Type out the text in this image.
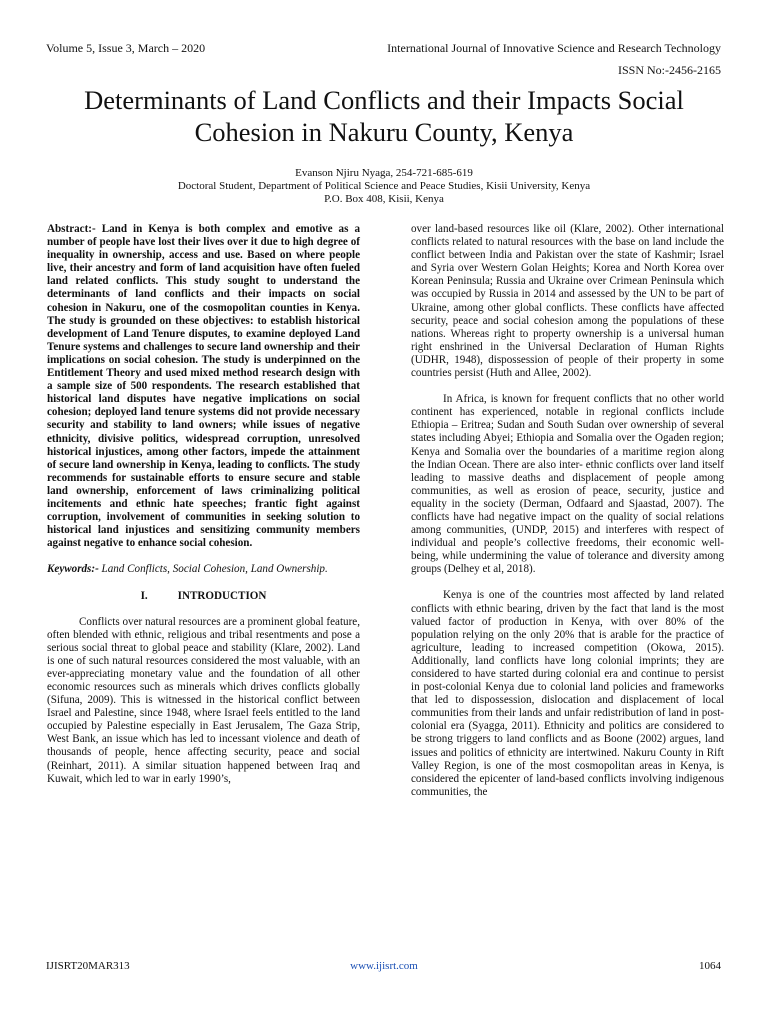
Volume 5, Issue 3, March – 2020	International Journal of Innovative Science and Research Technology
ISSN No:-2456-2165
Determinants of Land Conflicts and their Impacts Social Cohesion in Nakuru County, Kenya
Evanson Njiru Nyaga, 254-721-685-619
Doctoral Student, Department of Political Science and Peace Studies, Kisii University, Kenya
P.O. Box 408, Kisii, Kenya

Abstract:- Land in Kenya is both complex and emotive as a number of people have lost their lives over it due to high degree of inequality in ownership, access and use. Based on where people live, their ancestry and form of land acquisition have often fueled land related conflicts. This study sought to understand the determinants of land conflicts and their impacts on social cohesion in Nakuru, one of the cosmopolitan counties in Kenya. The study is grounded on these objectives: to establish historical development of Land Tenure disputes, to examine deployed Land Tenure systems and challenges to secure land ownership and their implications on social cohesion. The study is underpinned on the Entitlement Theory and used mixed method research design with a sample size of 500 respondents. The research established that historical land disputes have negative implications on social cohesion; deployed land tenure systems did not provide necessary security and stability to land owners; while issues of negative ethnicity, divisive politics, widespread corruption, unresolved historical injustices, among other factors, impede the attainment of secure land ownership in Kenya, leading to conflicts. The study recommends for sustainable efforts to ensure secure and stable land ownership, enforcement of laws criminalizing political incitements and ethnic hate speeches; frantic fight against corruption, involvement of communities in seeking solution to historical land injustices and sensitizing community members against negative to enhance social cohesion.

Keywords:- Land Conflicts, Social Cohesion, Land Ownership.

I.	INTRODUCTION

Conflicts over natural resources are a prominent global feature, often blended with ethnic, religious and tribal resentments and pose a serious social threat to global peace and stability (Klare, 2002). Land is one of such natural resources considered the most valuable, with an ever-appreciating monetary value and the foundation of all other economic resources such as minerals which drives conflicts globally (Sifuna, 2009). This is witnessed in the historical conflict between Israel and Palestine, since 1948, where Israel feels entitled to the land occupied by Palestine especially in East Jerusalem, The Gaza Strip, West Bank, an issue which has led to incessant violence and death of thousands of people, hence affecting security, peace and social (Reinhart, 2011). A similar situation happened between Iraq and Kuwait, which led to war in early 1990’s,

over land-based resources like oil (Klare, 2002). Other international conflicts related to natural resources with the base on land include the conflict between India and Pakistan over the state of Kashmir; Israel and Syria over Western Golan Heights; Korea and North Korea over Korean Peninsula; Russia and Ukraine over Crimean Peninsula which was occupied by Russia in 2014 and assessed by the UN to be part of Ukraine, among other global conflicts. These conflicts have affected security, peace and social cohesion among the populations of these nations. Whereas right to property ownership is a universal human right enshrined in the Universal Declaration of Human Rights (UDHR, 1948), dispossession of people of their property in some countries persist (Huth and Allee, 2002).

In Africa, is known for frequent conflicts that no other world continent has experienced, notable in regional conflicts include Ethiopia – Eritrea; Sudan and South Sudan over ownership of several states including Abyei; Ethiopia and Somalia over the Ogaden region; Kenya and Somalia over the boundaries of a maritime region along the Indian Ocean. There are also inter- ethnic conflicts over land itself leading to massive deaths and displacement of people among communities, as well as erosion of peace, security, justice and equality in the society (Derman, Odfaard and Sjaastad, 2007). The conflicts have had negative impact on the quality of social relations among communities, (UNDP, 2015) and interferes with respect of individual and people’s collective freedoms, their economic well-being, while undermining the value of tolerance and diversity among groups (Delhey et al, 2018).

Kenya is one of the countries most affected by land related conflicts with ethnic bearing, driven by the fact that land is the most valued factor of production in Kenya, with over 80% of the population relying on the only 20% that is arable for the practice of agriculture, leading to increased competition (Okowa, 2015). Additionally, land conflicts have long colonial imprints; they are considered to have started during colonial era and continue to persist in post-colonial Kenya due to colonial land policies and frameworks that led to dispossession, dislocation and displacement of local communities from their lands and unfair redistribution of land in post-colonial era (Syagga, 2011). Ethnicity and politics are considered to be strong triggers to land conflicts and as Boone (2002) argues, land issues and politics of ethnicity are intertwined. Nakuru County in Rift Valley Region, is one of the most cosmopolitan areas in Kenya, is considered the epicenter of land-based conflicts involving indigenous communities, the

IJISRT20MAR313	www.ijisrt.com	1064
